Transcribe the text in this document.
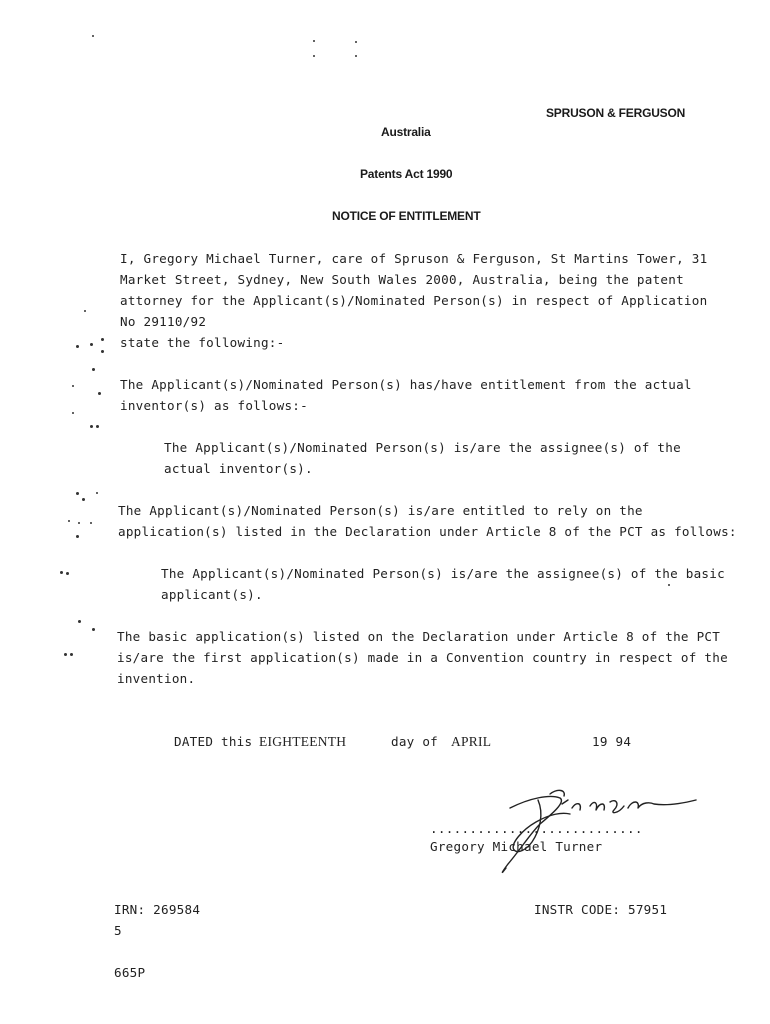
SPRUSON & FERGUSON
Australia
Patents Act 1990
NOTICE OF ENTITLEMENT
I, Gregory Michael Turner, care of Spruson & Ferguson, St Martins Tower, 31
Market Street, Sydney, New South Wales 2000, Australia, being the patent
attorney for the Applicant(s)/Nominated Person(s) in respect of Application
No 29110/92
state the following:-
The Applicant(s)/Nominated Person(s) has/have entitlement from the actual
inventor(s) as follows:-
The Applicant(s)/Nominated Person(s) is/are the assignee(s) of the
actual inventor(s).
The Applicant(s)/Nominated Person(s) is/are entitled to rely on the
application(s) listed in the Declaration under Article 8 of the PCT as follows:
The Applicant(s)/Nominated Person(s) is/are the assignee(s) of the basic
applicant(s).
The basic application(s) listed on the Declaration under Article 8 of the PCT
is/are the first application(s) made in a Convention country in respect of the
invention.
DATED this EIGHTEENTH	day of APRIL	19 94
...........................
Gregory Michael Turner
IRN: 269584
5
665P
INSTR CODE: 57951
